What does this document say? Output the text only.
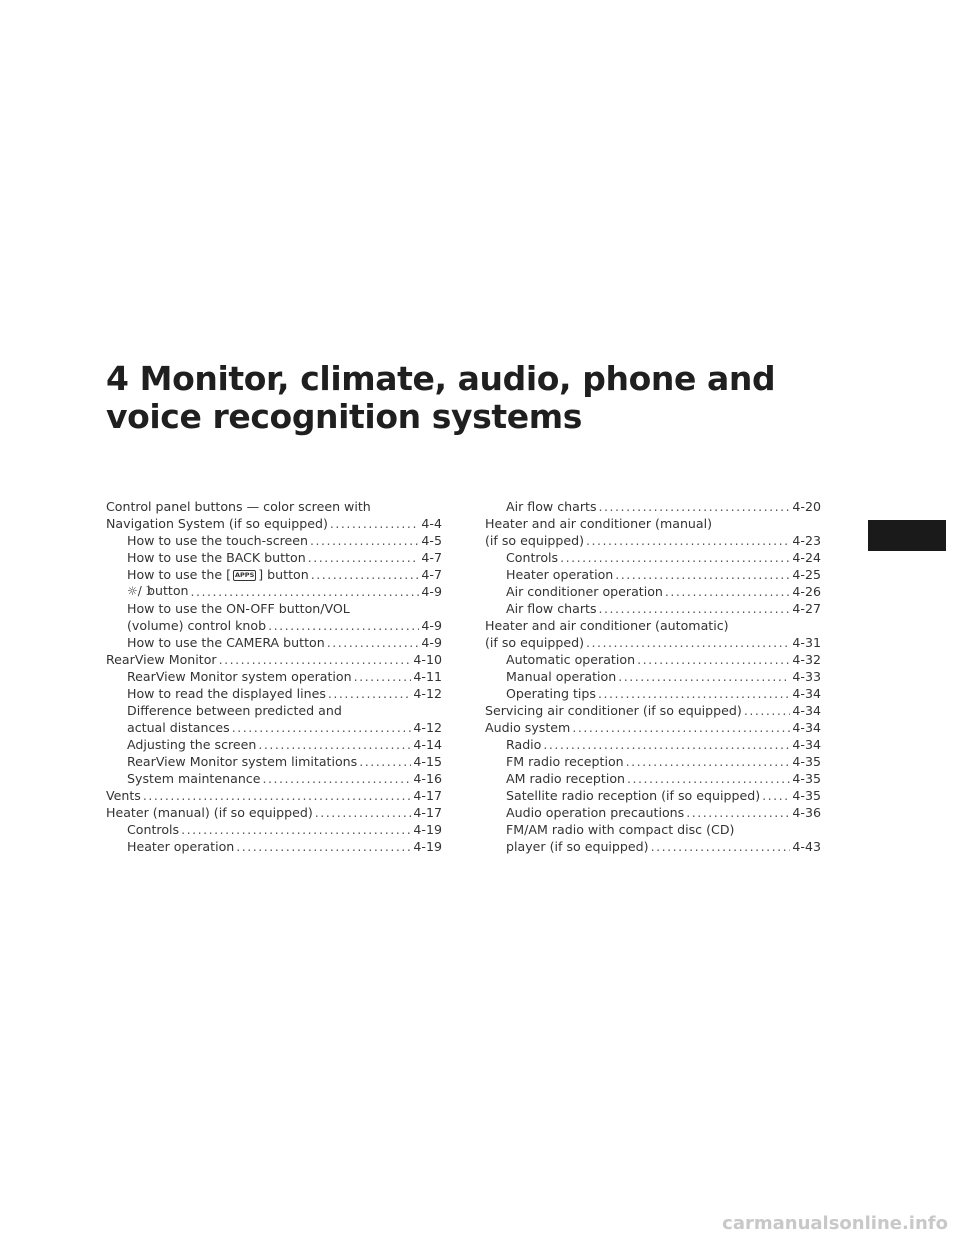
4 Monitor, climate, audio, phone and
voice recognition systems
Control panel buttons — color screen with
Navigation System (if so equipped) .....	4-4
How to use the touch-screen .....	4-5
How to use the BACK button .....	4-7
How to use the [ APPS ] button .....	4-7
☼/☽button .....	4-9
How to use the ON-OFF button/VOL
(volume) control knob .....	4-9
How to use the CAMERA button .....	4-9
RearView Monitor .....	4-10
RearView Monitor system operation .....	4-11
How to read the displayed lines .....	4-12
Difference between predicted and
actual distances .....	4-12
Adjusting the screen .....	4-14
RearView Monitor system limitations .....	4-15
System maintenance .....	4-16
Vents .....	4-17
Heater (manual) (if so equipped) .....	4-17
Controls .....	4-19
Heater operation .....	4-19
Air flow charts .....	4-20
Heater and air conditioner (manual)
(if so equipped) .....	4-23
Controls .....	4-24
Heater operation .....	4-25
Air conditioner operation .....	4-26
Air flow charts .....	4-27
Heater and air conditioner (automatic)
(if so equipped) .....	4-31
Automatic operation .....	4-32
Manual operation .....	4-33
Operating tips .....	4-34
Servicing air conditioner (if so equipped) .....	4-34
Audio system .....	4-34
Radio .....	4-34
FM radio reception .....	4-35
AM radio reception .....	4-35
Satellite radio reception (if so equipped) .....	4-35
Audio operation precautions .....	4-36
FM/AM radio with compact disc (CD)
player (if so equipped) .....	4-43
carmanualsonline.info
